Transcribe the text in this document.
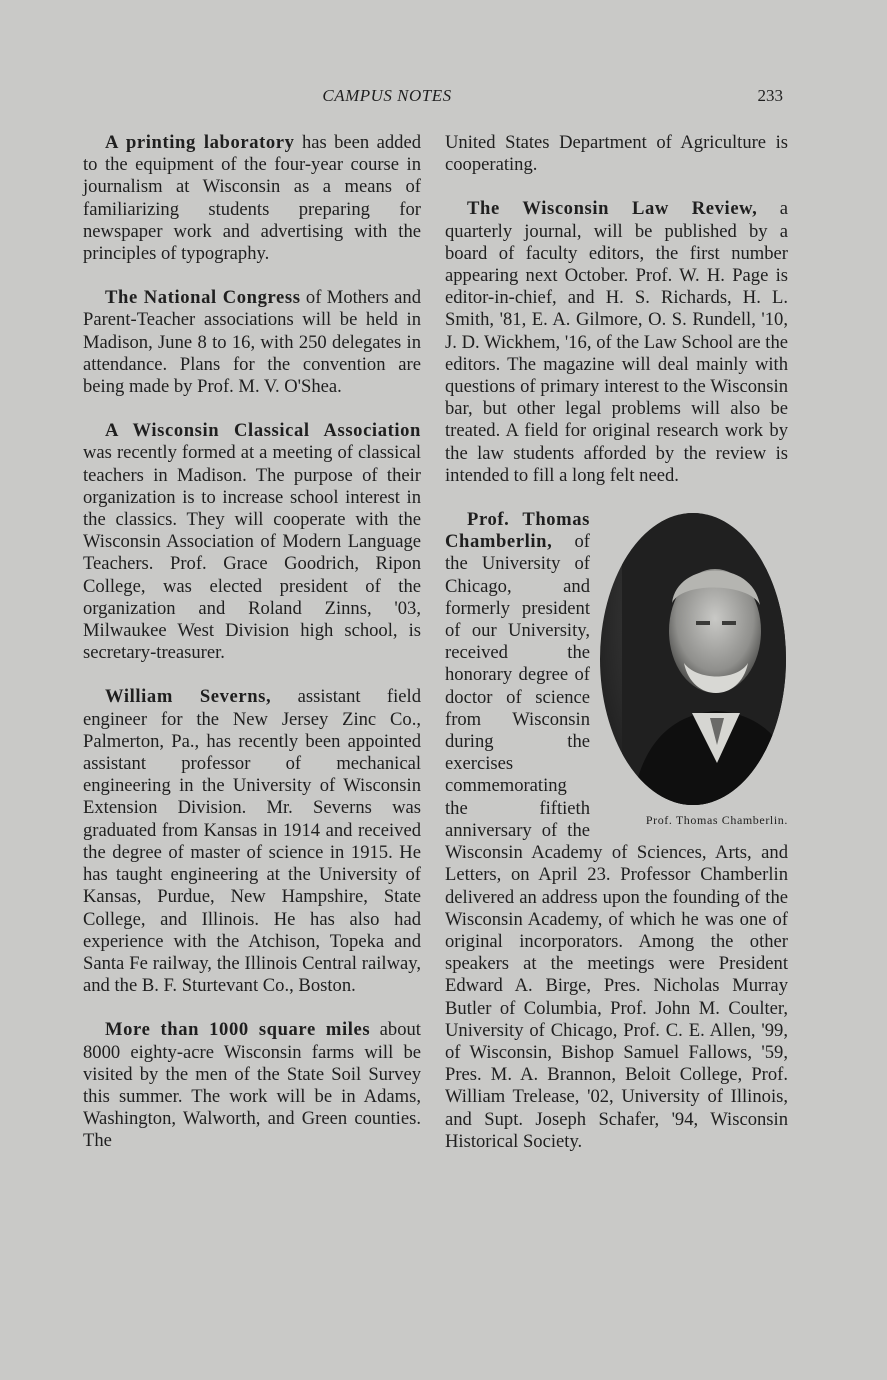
CAMPUS NOTES	233

A printing laboratory has been added to the equipment of the four-year course in journalism at Wisconsin as a means of familiarizing students preparing for newspaper work and advertising with the principles of typography.

The National Congress of Mothers and Parent-Teacher associations will be held in Madison, June 8 to 16, with 250 delegates in attendance. Plans for the convention are being made by Prof. M. V. O'Shea.

A Wisconsin Classical Association was recently formed at a meeting of classical teachers in Madison. The purpose of their organization is to increase school interest in the classics. They will cooperate with the Wisconsin Association of Modern Language Teachers. Prof. Grace Goodrich, Ripon College, was elected president of the organization and Roland Zinns, '03, Milwaukee West Division high school, is secretary-treasurer.

William Severns, assistant field engineer for the New Jersey Zinc Co., Palmerton, Pa., has recently been appointed assistant professor of mechanical engineering in the University of Wisconsin Extension Division. Mr. Severns was graduated from Kansas in 1914 and received the degree of master of science in 1915. He has taught engineering at the University of Kansas, Purdue, New Hampshire, State College, and Illinois. He has also had experience with the Atchison, Topeka and Santa Fe railway, the Illinois Central railway, and the B. F. Sturtevant Co., Boston.

More than 1000 square miles about 8000 eighty-acre Wisconsin farms will be visited by the men of the State Soil Survey this summer. The work will be in Adams, Washington, Walworth, and Green counties. The

United States Department of Agriculture is cooperating.

The Wisconsin Law Review, a quarterly journal, will be published by a board of faculty editors, the first number appearing next October. Prof. W. H. Page is editor-in-chief, and H. S. Richards, H. L. Smith, '81, E. A. Gilmore, O. S. Rundell, '10, J. D. Wickhem, '16, of the Law School are the editors. The magazine will deal mainly with questions of primary interest to the Wisconsin bar, but other legal problems will also be treated. A field for original research work by the law students afforded by the review is intended to fill a long felt need.

Prof. Thomas Chamberlin.
Prof. Thomas Chamberlin, of the University of Chicago, and formerly president of our University, received the honorary degree of doctor of science from Wisconsin during the exercises commemorating the fiftieth anniversary of the Wisconsin Academy of Sciences, Arts, and Letters, on April 23. Professor Chamberlin delivered an address upon the founding of the Wisconsin Academy, of which he was one of original incorporators. Among the other speakers at the meetings were President Edward A. Birge, Pres. Nicholas Murray Butler of Columbia, Prof. John M. Coulter, University of Chicago, Prof. C. E. Allen, '99, of Wisconsin, Bishop Samuel Fallows, '59, Pres. M. A. Brannon, Beloit College, Prof. William Trelease, '02, University of Illinois, and Supt. Joseph Schafer, '94, Wisconsin Historical Society.
